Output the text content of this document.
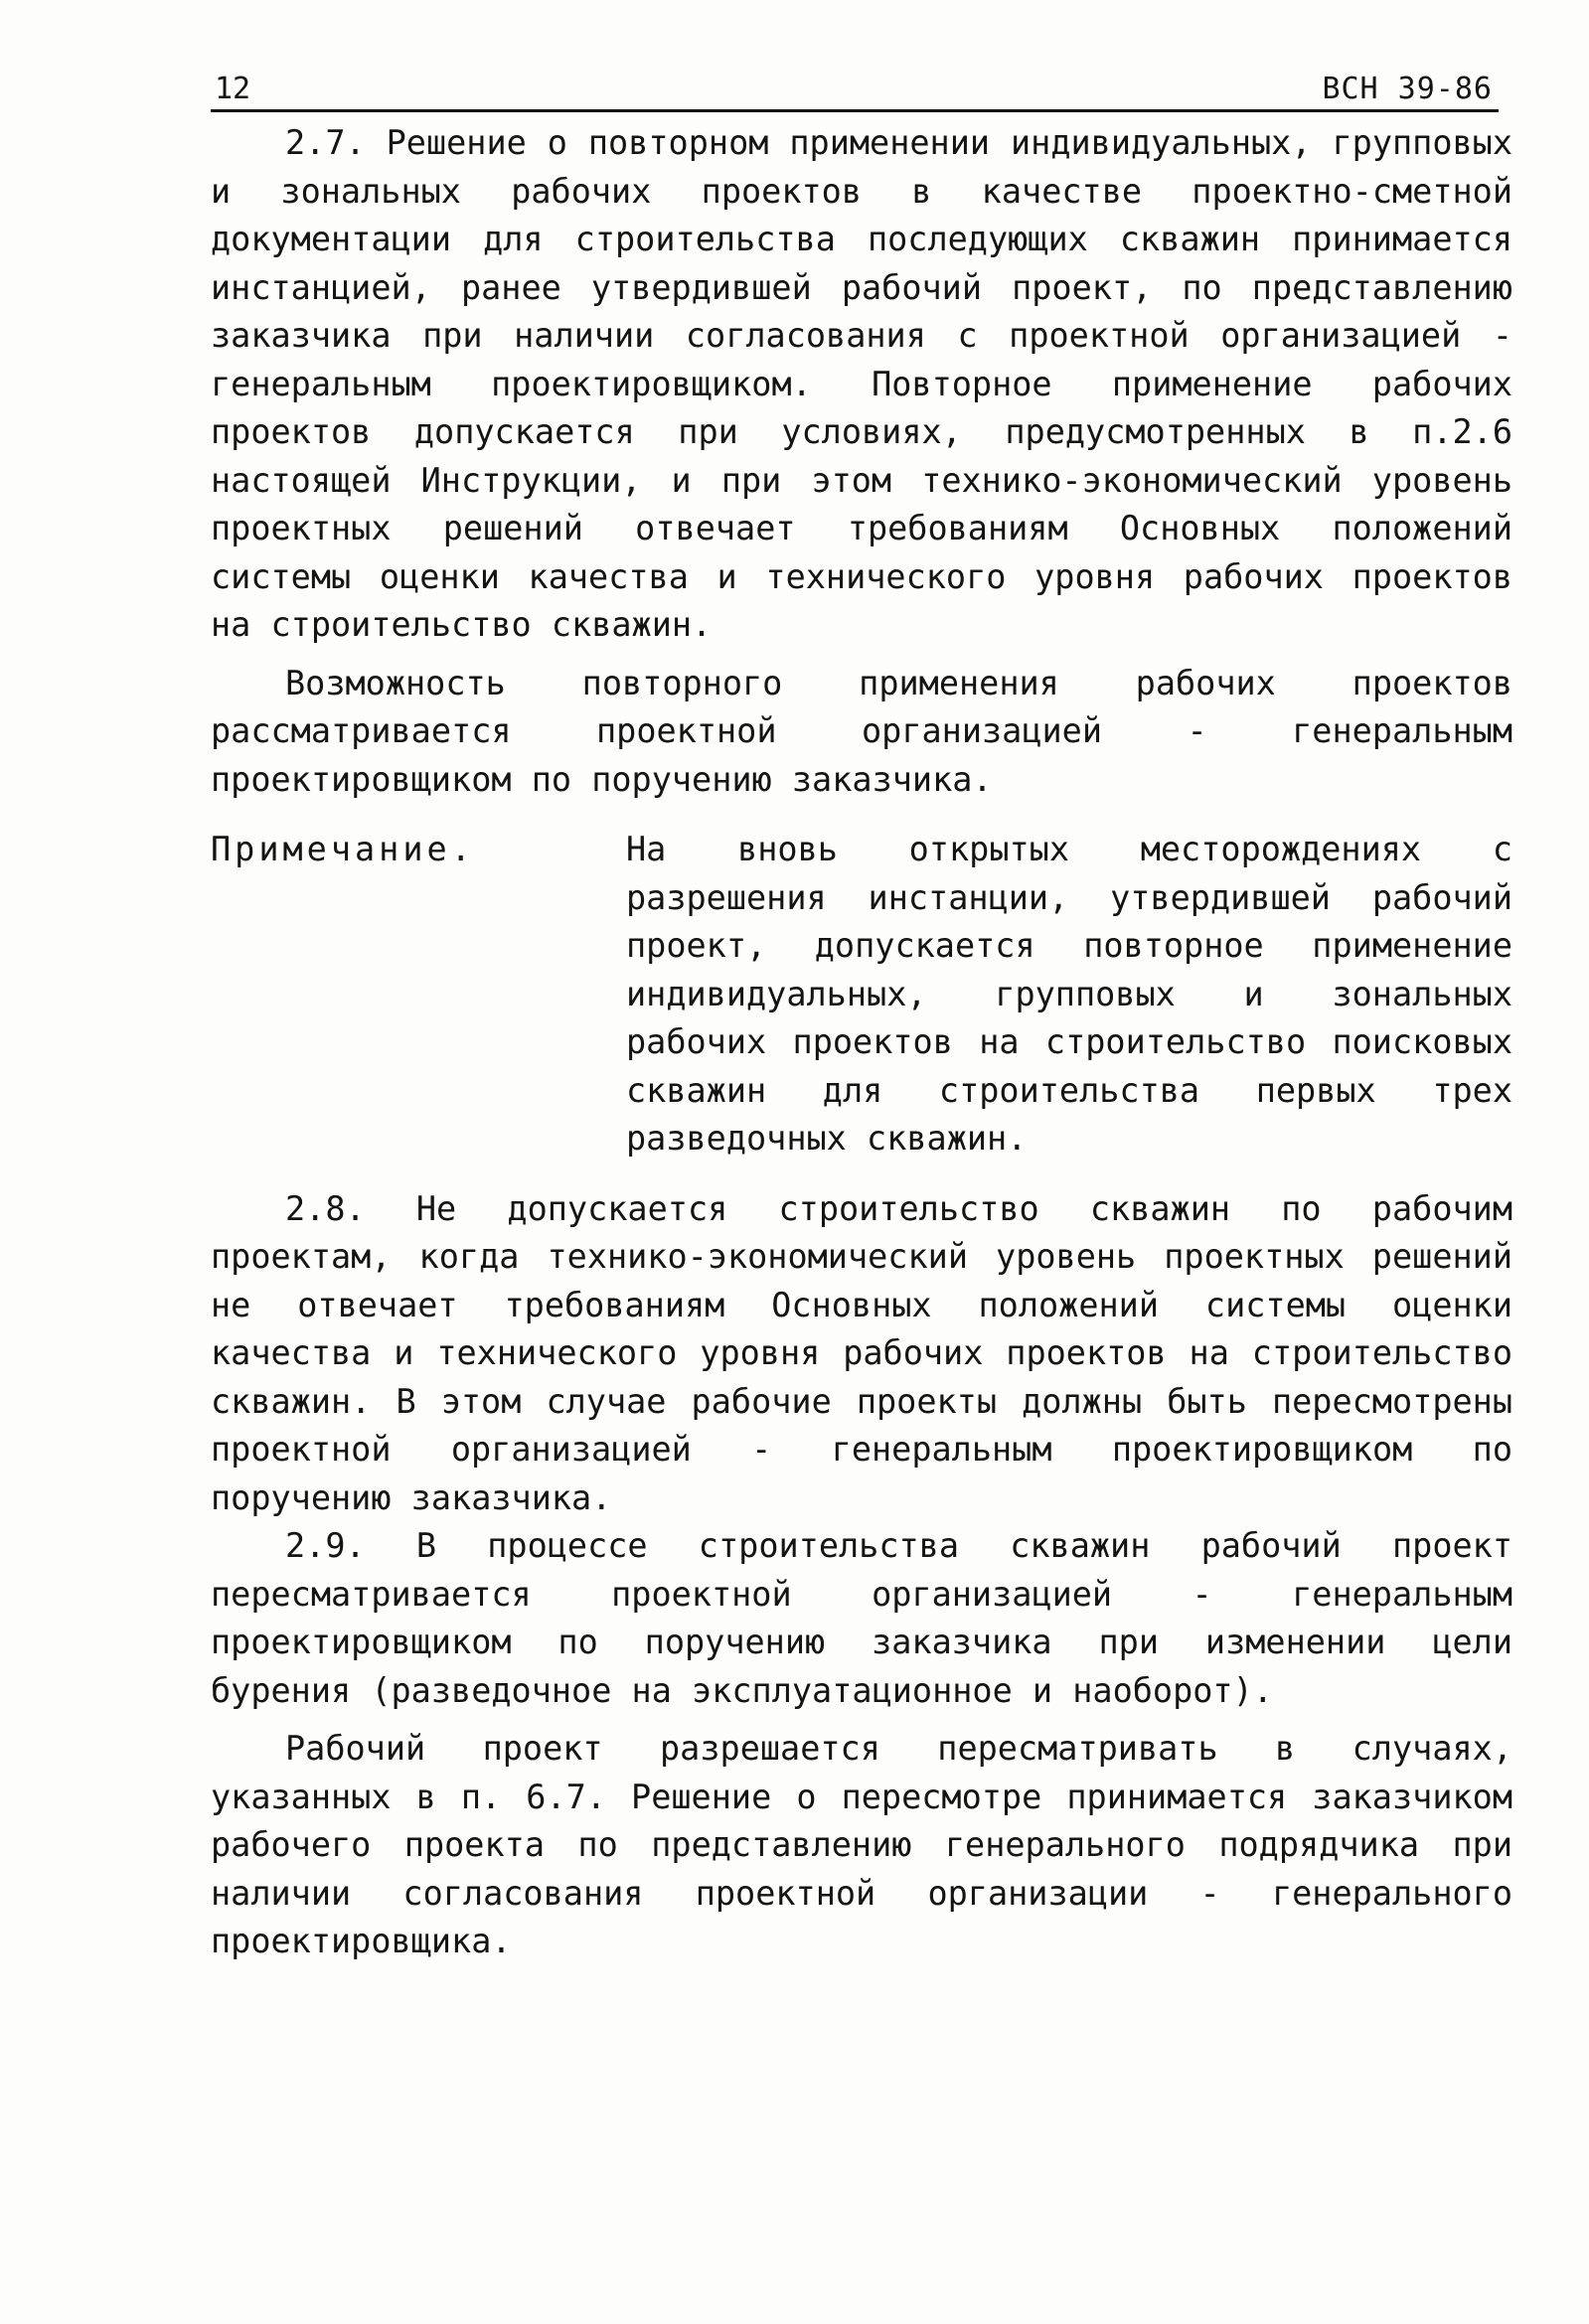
12	ВСН 39-86

2.7. Решение о повторном применении индивидуальных, групповых и зональных рабочих проектов в качестве проектно-сметной документации для строительства последующих скважин принимается инстанцией, ранее утвердившей рабочий проект, по представлению заказчика при наличии согласования с проектной организацией - генеральным проектировщиком. Повторное применение рабочих проектов допускается при условиях, предусмотренных в п.2.6 настоящей Инструкции, и при этом технико-экономический уровень проектных решений отвечает требованиям Основных положений системы оценки качества и технического уровня рабочих проектов на строительство скважин.

Возможность повторного применения рабочих проектов рассматривается проектной организацией - генеральным проектировщиком по поручению заказчика.

Примечание.	На вновь открытых месторождениях с разрешения инстанции, утвердившей рабочий проект, допускается повторное применение индивидуальных, групповых и зональных рабочих проектов на строительство поисковых скважин для строительства первых трех разведочных скважин.

2.8. Не допускается строительство скважин по рабочим проектам, когда технико-экономический уровень проектных решений не отвечает требованиям Основных положений системы оценки качества и технического уровня рабочих проектов на строительство скважин. В этом случае рабочие проекты должны быть пересмотрены проектной организацией - генеральным проектировщиком по поручению заказчика.

2.9. В процессе строительства скважин рабочий проект пересматривается проектной организацией - генеральным проектировщиком по поручению заказчика при изменении цели бурения (разведочное на эксплуатационное и наоборот).

Рабочий проект разрешается пересматривать в случаях, указанных в п. 6.7. Решение о пересмотре принимается заказчиком рабочего проекта по представлению генерального подрядчика при наличии согласования проектной организации - генерального проектировщика.
